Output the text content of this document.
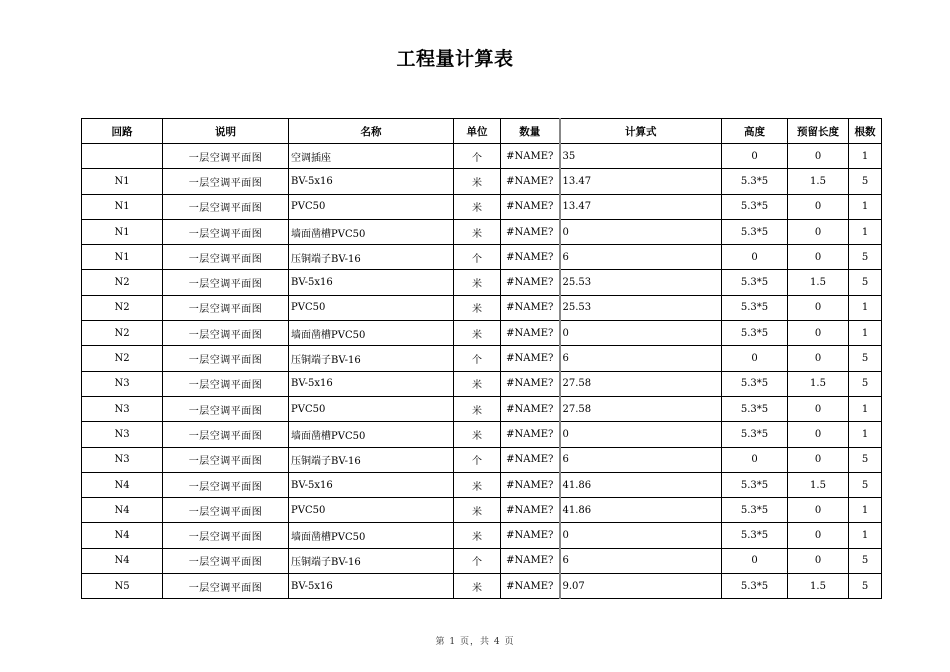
工程量计算表
回路	说明	名称	单位	数量	计算式	高度	预留长度	根数
	一层空调平面图	空调插座	个	#NAME?	35	0	0	1
N1	一层空调平面图	BV-5x16	米	#NAME?	13.47	5.3*5	1.5	5
N1	一层空调平面图	PVC50	米	#NAME?	13.47	5.3*5	0	1
N1	一层空调平面图	墙面凿槽PVC50	米	#NAME?	0	5.3*5	0	1
N1	一层空调平面图	压铜端子BV-16	个	#NAME?	6	0	0	5
N2	一层空调平面图	BV-5x16	米	#NAME?	25.53	5.3*5	1.5	5
N2	一层空调平面图	PVC50	米	#NAME?	25.53	5.3*5	0	1
N2	一层空调平面图	墙面凿槽PVC50	米	#NAME?	0	5.3*5	0	1
N2	一层空调平面图	压铜端子BV-16	个	#NAME?	6	0	0	5
N3	一层空调平面图	BV-5x16	米	#NAME?	27.58	5.3*5	1.5	5
N3	一层空调平面图	PVC50	米	#NAME?	27.58	5.3*5	0	1
N3	一层空调平面图	墙面凿槽PVC50	米	#NAME?	0	5.3*5	0	1
N3	一层空调平面图	压铜端子BV-16	个	#NAME?	6	0	0	5
N4	一层空调平面图	BV-5x16	米	#NAME?	41.86	5.3*5	1.5	5
N4	一层空调平面图	PVC50	米	#NAME?	41.86	5.3*5	0	1
N4	一层空调平面图	墙面凿槽PVC50	米	#NAME?	0	5.3*5	0	1
N4	一层空调平面图	压铜端子BV-16	个	#NAME?	6	0	0	5
N5	一层空调平面图	BV-5x16	米	#NAME?	9.07	5.3*5	1.5	5
第 1 页，共 4 页
